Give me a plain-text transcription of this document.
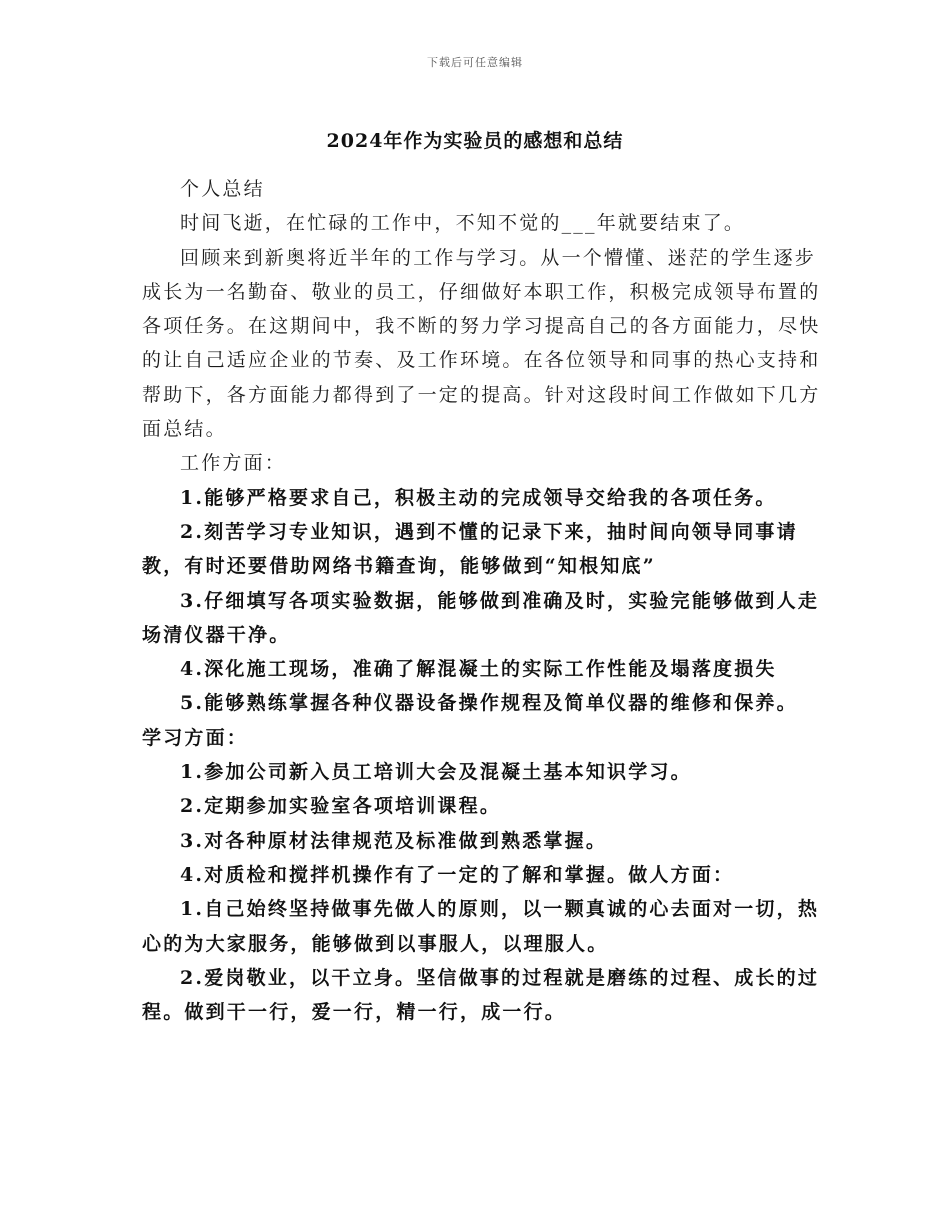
下载后可任意编辑
2024年作为实验员的感想和总结

个人总结

时间飞逝，在忙碌的工作中，不知不觉的___年就要结束了。

回顾来到新奥将近半年的工作与学习。从一个懵懂、迷茫的学生逐步成长为一名勤奋、敬业的员工，仔细做好本职工作，积极完成领导布置的各项任务。在这期间中，我不断的努力学习提高自己的各方面能力，尽快的让自己适应企业的节奏、及工作环境。在各位领导和同事的热心支持和帮助下，各方面能力都得到了一定的提高。针对这段时间工作做如下几方面总结。

工作方面：

1.能够严格要求自己，积极主动的完成领导交给我的各项任务。

2.刻苦学习专业知识，遇到不懂的记录下来，抽时间向领导同事请教，有时还要借助网络书籍查询，能够做到“知根知底”

3.仔细填写各项实验数据，能够做到准确及时，实验完能够做到人走场清仪器干净。

4.深化施工现场，准确了解混凝土的实际工作性能及塌落度损失

5.能够熟练掌握各种仪器设备操作规程及简单仪器的维修和保养。

学习方面：

1.参加公司新入员工培训大会及混凝土基本知识学习。

2.定期参加实验室各项培训课程。

3.对各种原材法律规范及标准做到熟悉掌握。

4.对质检和搅拌机操作有了一定的了解和掌握。做人方面：

1.自己始终坚持做事先做人的原则，以一颗真诚的心去面对一切，热心的为大家服务，能够做到以事服人，以理服人。

2.爱岗敬业，以干立身。坚信做事的过程就是磨练的过程、成长的过程。做到干一行，爱一行，精一行，成一行。
